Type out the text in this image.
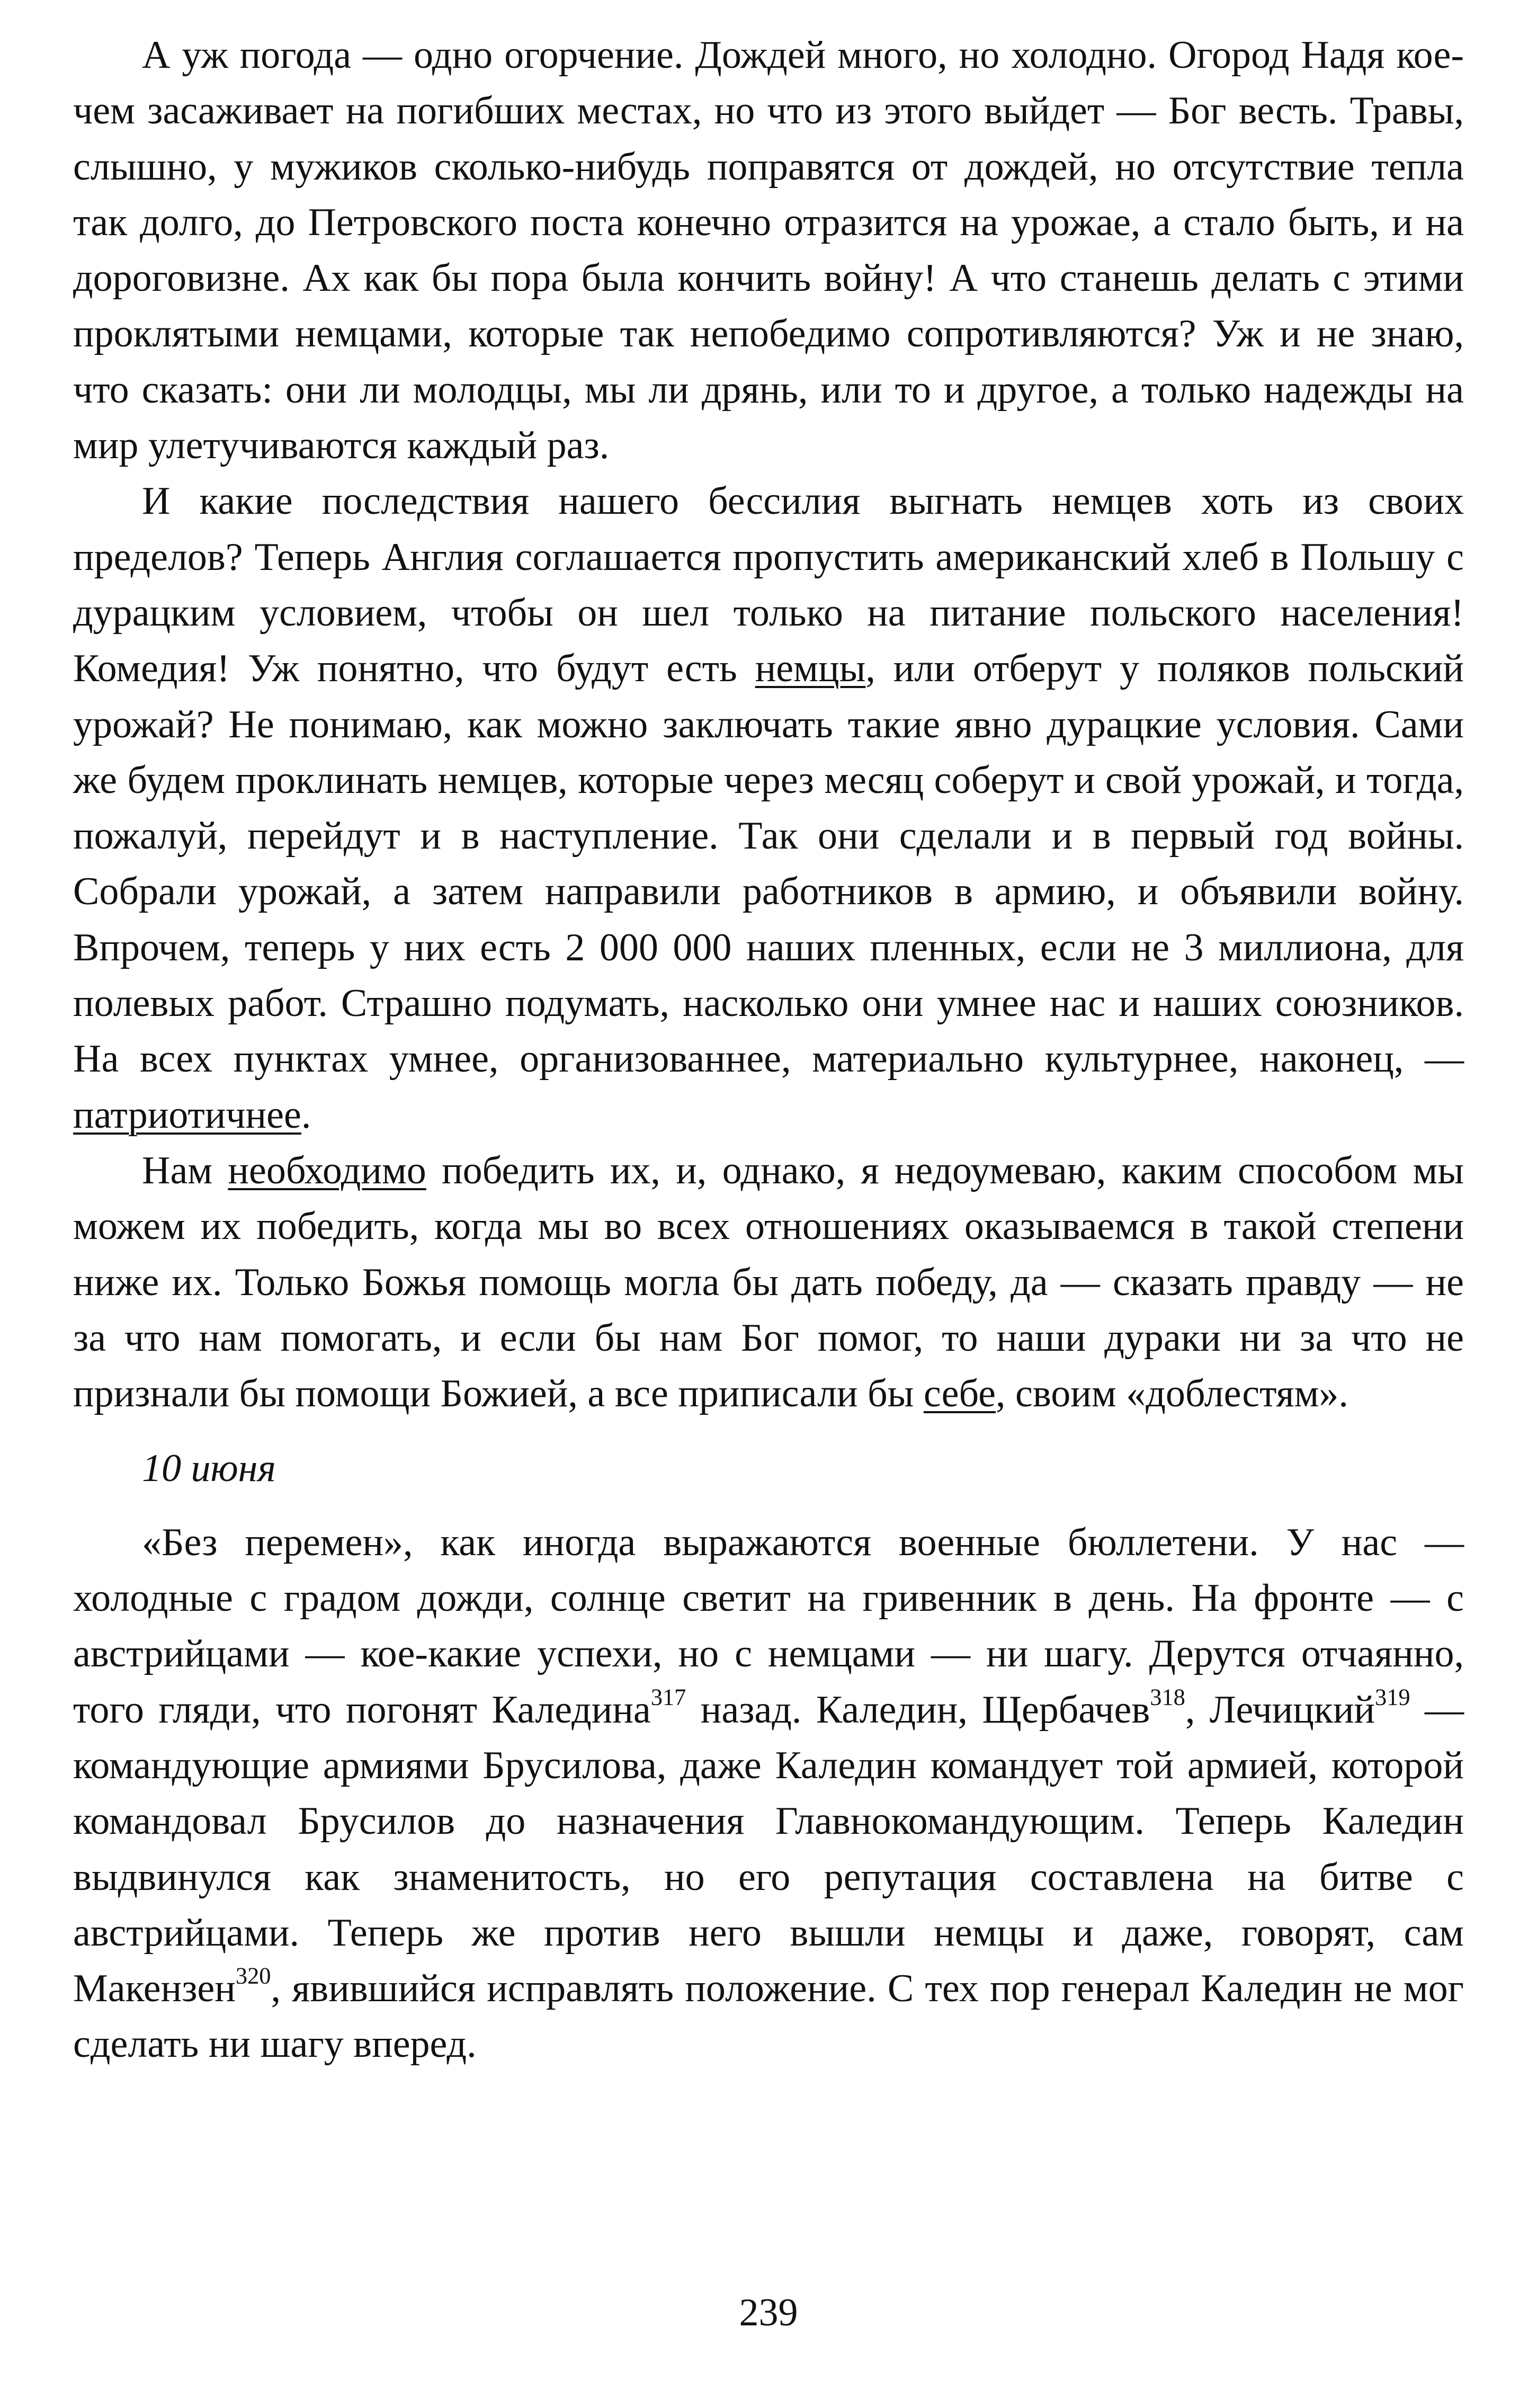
А уж погода — одно огорчение. Дождей много, но холодно. Огород Надя кое-чем засаживает на погибших местах, но что из этого выйдет — Бог весть. Травы, слышно, у мужиков сколько-нибудь поправятся от дождей, но отсутствие тепла так долго, до Петровского поста конечно отразится на урожае, а стало быть, и на дороговизне. Ах как бы пора была кончить войну! А что станешь делать с этими проклятыми немцами, которые так непобедимо сопротивляются? Уж и не знаю, что сказать: они ли молодцы, мы ли дрянь, или то и другое, а только надежды на мир улетучиваются каждый раз.

И какие последствия нашего бессилия выгнать немцев хоть из своих пределов? Теперь Англия соглашается пропустить американский хлеб в Польшу с дурацким условием, чтобы он шел только на питание польского населения! Комедия! Уж понятно, что будут есть немцы, или отберут у поляков польский урожай? Не понимаю, как можно заключать такие явно дурацкие условия. Сами же будем проклинать немцев, которые через месяц соберут и свой урожай, и тогда, пожалуй, перейдут и в наступление. Так они сделали и в первый год войны. Собрали урожай, а затем направили работников в армию, и объявили войну. Впрочем, теперь у них есть 2 000 000 наших пленных, если не 3 миллиона, для полевых работ. Страшно подумать, насколько они умнее нас и наших союзников. На всех пунктах умнее, организованнее, материально культурнее, наконец, — патриотичнее.

Нам необходимо победить их, и, однако, я недоумеваю, каким способом мы можем их победить, когда мы во всех отношениях оказываемся в такой степени ниже их. Только Божья помощь могла бы дать победу, да — сказать правду — не за что нам помогать, и если бы нам Бог помог, то наши дураки ни за что не признали бы помощи Божией, а все приписали бы себе, своим «доблестям».

10 июня

«Без перемен», как иногда выражаются военные бюллетени. У нас — холодные с градом дожди, солнце светит на гривенник в день. На фронте — с австрийцами — кое-какие успехи, но с немцами — ни шагу. Дерутся отчаянно, того гляди, что погонят Каледина$^{317}$ назад. Каледин, Щербачев$^{318}$, Лечицкий$^{319}$ — командующие армиями Брусилова, даже Каледин командует той армией, которой командовал Брусилов до назначения Главнокомандующим. Теперь Каледин выдвинулся как знаменитость, но его репутация составлена на битве с австрийцами. Теперь же против него вышли немцы и даже, говорят, сам Макензен$^{320}$, явившийся исправлять положение. С тех пор генерал Каледин не мог сделать ни шагу вперед.

239
